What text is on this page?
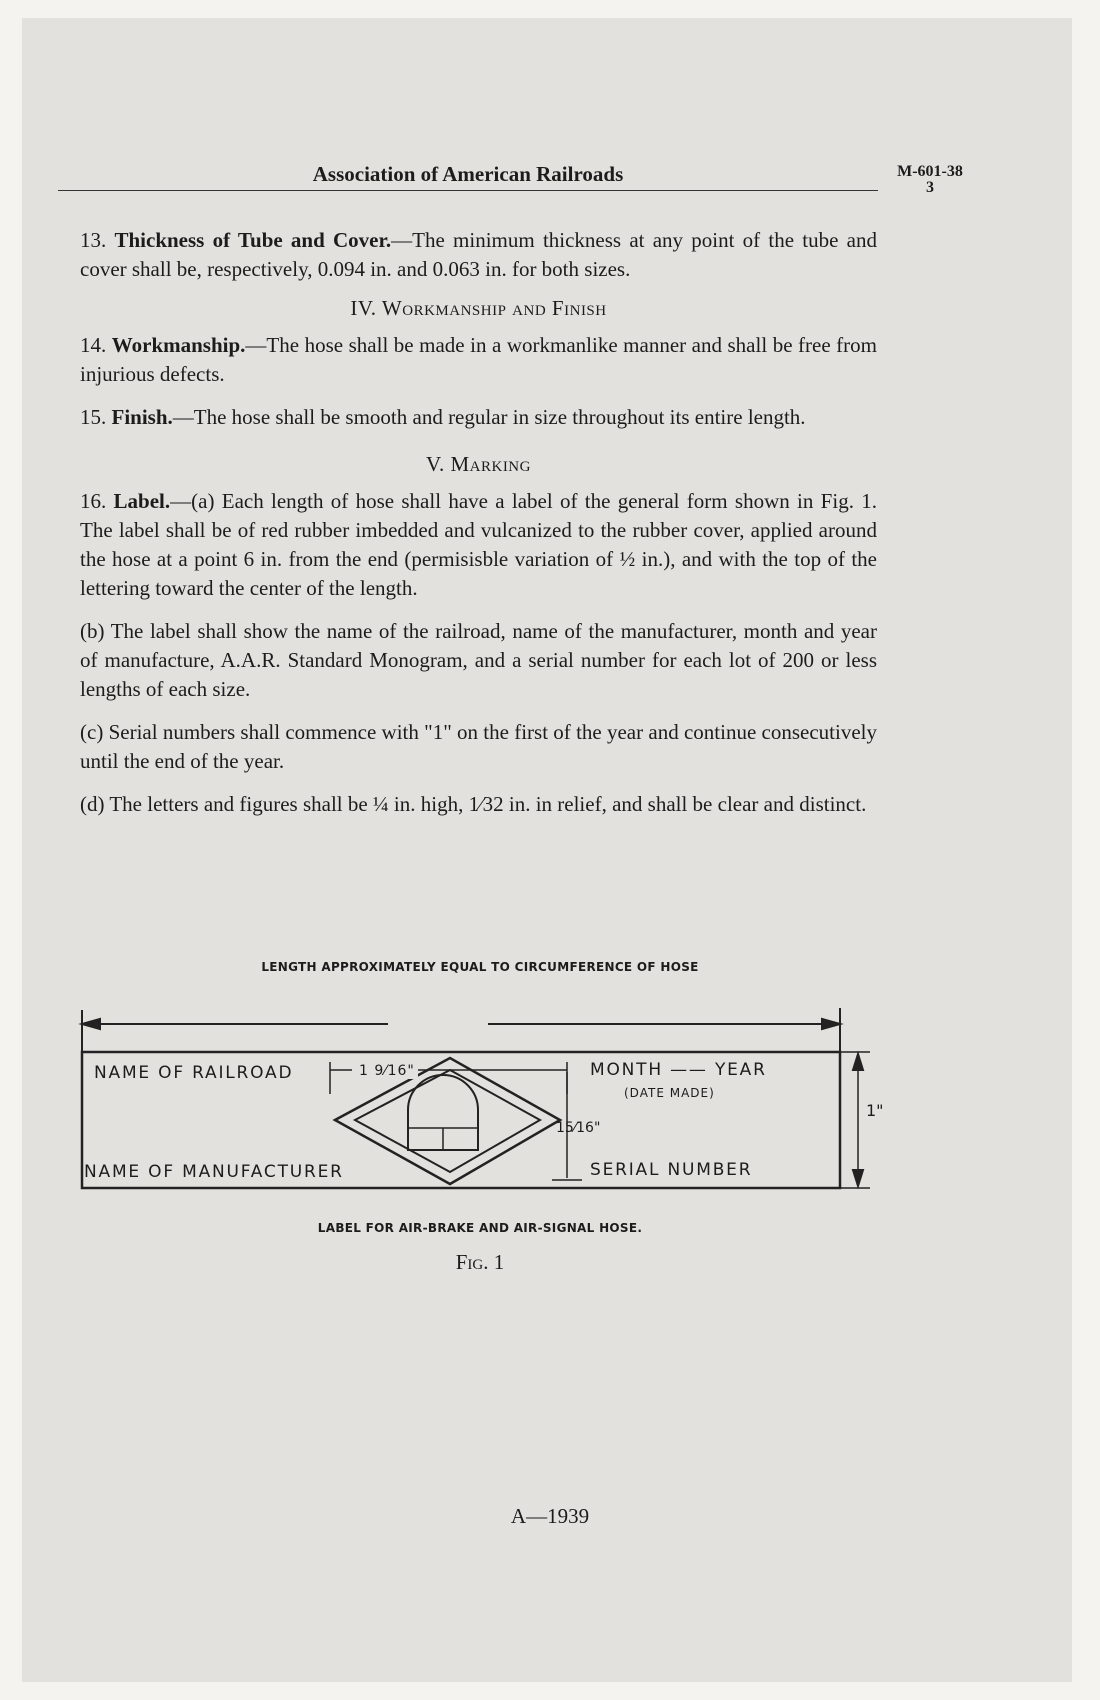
Association of American Railroads	M-601-38
3

13. Thickness of Tube and Cover.—The minimum thickness at any point of the tube and cover shall be, respectively, 0.094 in. and 0.063 in. for both sizes.

IV. Workmanship and Finish

14. Workmanship.—The hose shall be made in a workmanlike manner and shall be free from injurious defects.

15. Finish.—The hose shall be smooth and regular in size throughout its entire length.

V. Marking

16. Label.—(a) Each length of hose shall have a label of the general form shown in Fig. 1. The label shall be of red rubber imbedded and vulcanized to the rubber cover, applied around the hose at a point 6 in. from the end (permisisble variation of ½ in.), and with the top of the lettering toward the center of the length.

(b) The label shall show the name of the railroad, name of the manufacturer, month and year of manufacture, A.A.R. Standard Monogram, and a serial number for each lot of 200 or less lengths of each size.

(c) Serial numbers shall commence with "1" on the first of the year and continue consecutively until the end of the year.

(d) The letters and figures shall be ¼ in. high, 1⁄32 in. in relief, and shall be clear and distinct.

LENGTH APPROXIMATELY EQUAL TO CIRCUMFERENCE OF HOSE
NAME OF RAILROAD	1 9⁄16"	MONTH —— YEAR
(DATE MADE)
15⁄16"
1"
NAME OF MANUFACTURER	SERIAL NUMBER
LABEL FOR AIR-BRAKE AND AIR-SIGNAL HOSE.
Fig. 1
A—1939
